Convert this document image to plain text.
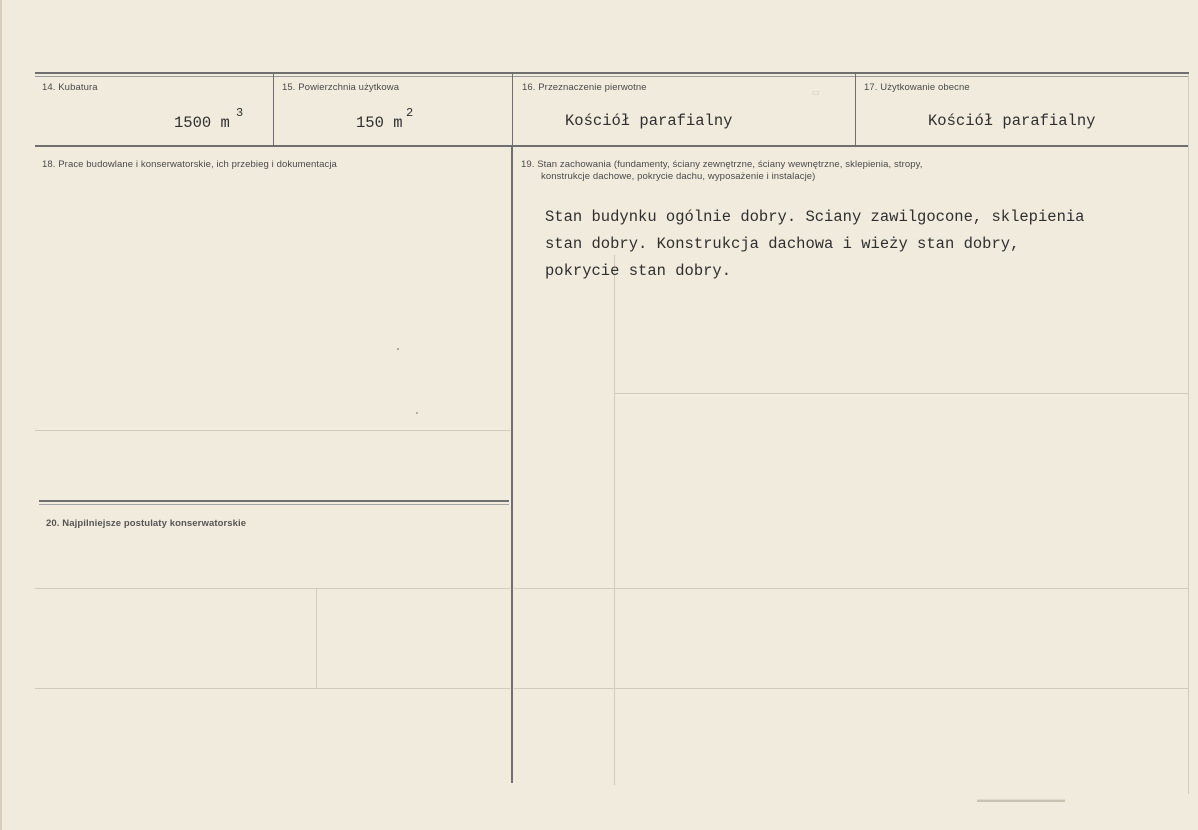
▭
▬▬▬▬▬▬▬▬▬▬▬
14. Kubatura
1500 m
3
15. Powierzchnia użytkowa
150 m
2
16. Przeznaczenie pierwotne
Kościół parafialny
17. Użytkowanie obecne
Kościół parafialny
18. Prace budowlane i konserwatorskie, ich przebieg i dokumentacja	19. Stan zachowania (fundamenty, ściany zewnętrzne, ściany wewnętrzne, sklepienia, stropy,
konstrukcje dachowe, pokrycie dachu, wyposażenie i instalacje)
Stan budynku ogólnie dobry. Sciany zawilgocone, sklepienia
stan dobry. Konstrukcja dachowa i wieży stan dobry,
pokrycie stan dobry.
20. Najpilniejsze postulaty konserwatorskie
